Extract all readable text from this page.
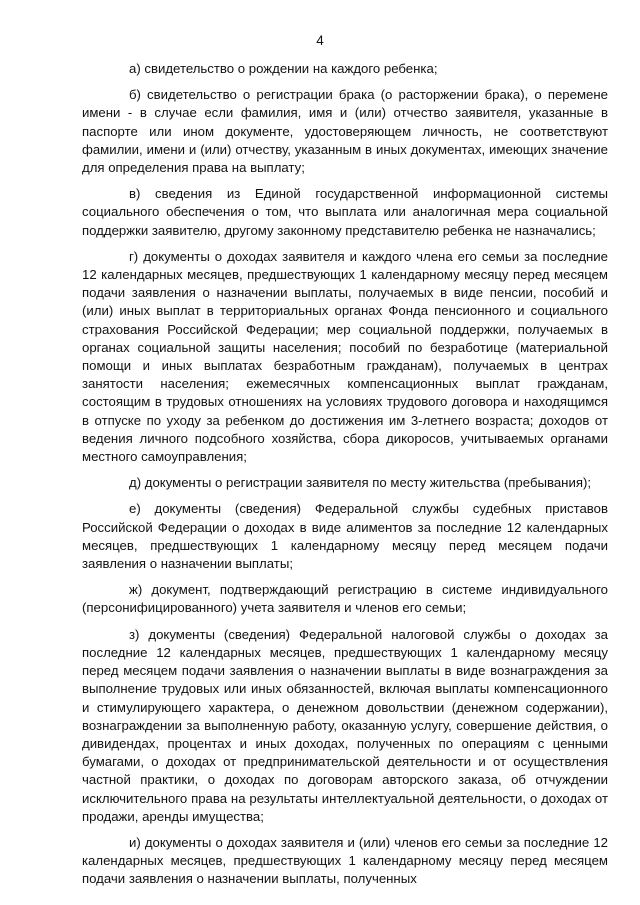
4

а) свидетельство о рождении на каждого ребенка;

б) свидетельство о регистрации брака (о расторжении брака), о перемене имени - в случае если фамилия, имя и (или) отчество заявителя, указанные в паспорте или ином документе, удостоверяющем личность, не соответствуют фамилии, имени и (или) отчеству, указанным в иных документах, имеющих значение для определения права на выплату;

в) сведения из Единой государственной информационной системы социального обеспечения о том, что выплата или аналогичная мера социальной поддержки заявителю, другому законному представителю ребенка не назначались;

г) документы о доходах заявителя и каждого члена его семьи за последние 12 календарных месяцев, предшествующих 1 календарному месяцу перед месяцем подачи заявления о назначении выплаты, получаемых в виде пенсии, пособий и (или) иных выплат в территориальных органах Фонда пенсионного и социального страхования Российской Федерации; мер социальной поддержки, получаемых в органах социальной защиты населения; пособий по безработице (материальной помощи и иных выплатах безработным гражданам), получаемых в центрах занятости населения; ежемесячных компенсационных выплат гражданам, состоящим в трудовых отношениях на условиях трудового договора и находящимся в отпуске по уходу за ребенком до достижения им 3-летнего возраста; доходов от ведения личного подсобного хозяйства, сбора дикоросов, учитываемых органами местного самоуправления;

д) документы о регистрации заявителя по месту жительства (пребывания);

е) документы (сведения) Федеральной службы судебных приставов Российской Федерации о доходах в виде алиментов за последние 12 календарных месяцев, предшествующих 1 календарному месяцу перед месяцем подачи заявления о назначении выплаты;

ж) документ, подтверждающий регистрацию в системе индивидуального (персонифицированного) учета заявителя и членов его семьи;

з) документы (сведения) Федеральной налоговой службы о доходах за последние 12 календарных месяцев, предшествующих 1 календарному месяцу перед месяцем подачи заявления о назначении выплаты в виде вознаграждения за выполнение трудовых или иных обязанностей, включая выплаты компенсационного и стимулирующего характера, о денежном довольствии (денежном содержании), вознаграждении за выполненную работу, оказанную услугу, совершение действия, о дивидендах, процентах и иных доходах, полученных по операциям с ценными бумагами, о доходах от предпринимательской деятельности и от осуществления частной практики, о доходах по договорам авторского заказа, об отчуждении исключительного права на результаты интеллектуальной деятельности, о доходах от продажи, аренды имущества;

и) документы о доходах заявителя и (или) членов его семьи за последние 12 календарных месяцев, предшествующих 1 календарному месяцу перед месяцем подачи заявления о назначении выплаты, полученных
